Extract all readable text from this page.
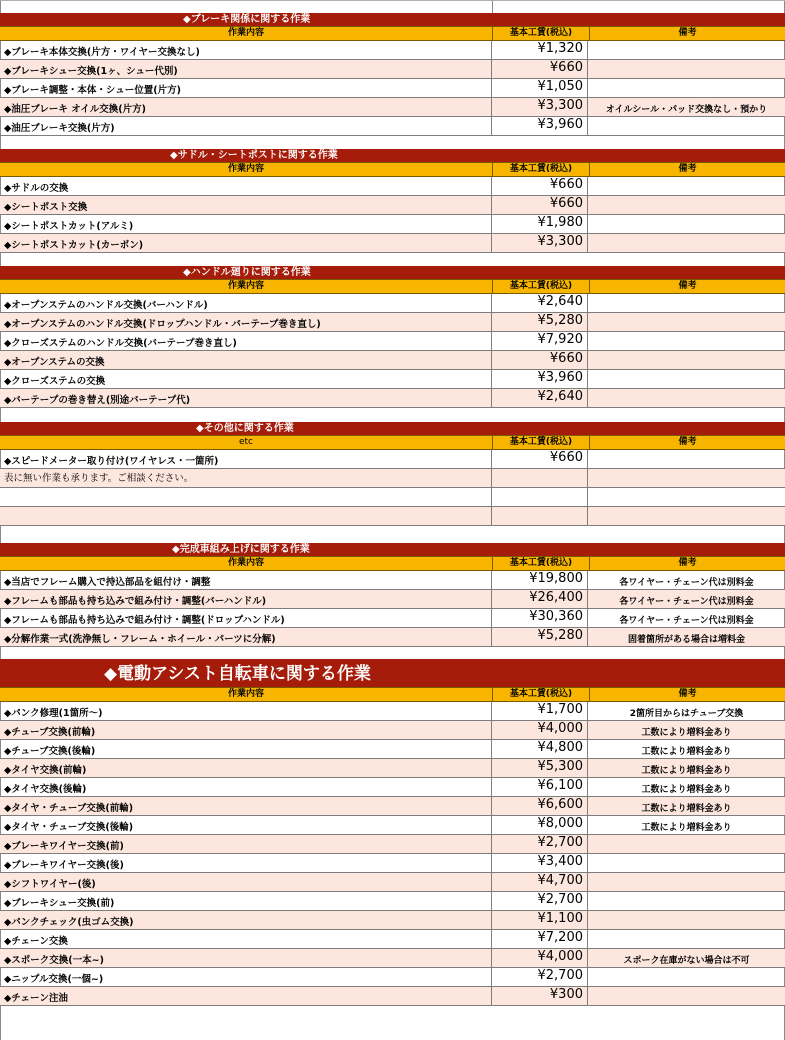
◆ブレーキ関係に関する作業
作業内容	基本工賃(税込)	備考
◆ブレーキ本体交換(片方・ワイヤー交換なし)	¥1,320
◆ブレーキシュー交換(1ヶ、シュー代別)	¥660
◆ブレーキ調整・本体・シュー位置(片方)	¥1,050
◆油圧ブレーキ オイル交換(片方)	¥3,300	オイルシール・パッド交換なし・預かり
◆油圧ブレーキ交換(片方)	¥3,960
◆サドル・シートポストに関する作業
作業内容	基本工賃(税込)	備考
◆サドルの交換	¥660
◆シートポスト交換	¥660
◆シートポストカット(アルミ)	¥1,980
◆シートポストカット(カーボン)	¥3,300
◆ハンドル廻りに関する作業
作業内容	基本工賃(税込)	備考
◆オープンステムのハンドル交換(バーハンドル)	¥2,640
◆オープンステムのハンドル交換(ドロップハンドル・バーテープ巻き直し)	¥5,280
◆クローズステムのハンドル交換(バーテープ巻き直し)	¥7,920
◆オープンステムの交換	¥660
◆クローズステムの交換	¥3,960
◆バーテープの巻き替え(別途バーテープ代)	¥2,640
◆その他に関する作業
etc	基本工賃(税込)	備考
◆スピードメーター取り付け(ワイヤレス・一箇所)	¥660
表に無い作業も承ります。ご相談ください。
◆完成車組み上げに関する作業
作業内容	基本工賃(税込)	備考
◆当店でフレーム購入で持込部品を組付け・調整	¥19,800	各ワイヤー・チェーン代は別料金
◆フレームも部品も持ち込みで組み付け・調整(バーハンドル)	¥26,400	各ワイヤー・チェーン代は別料金
◆フレームも部品も持ち込みで組み付け・調整(ドロップハンドル)	¥30,360	各ワイヤー・チェーン代は別料金
◆分解作業一式(洗浄無し・フレーム・ホイール・パーツに分解)	¥5,280	固着箇所がある場合は増料金
◆電動アシスト自転車に関する作業
作業内容	基本工賃(税込)	備考
◆パンク修理(1箇所～)	¥1,700	2箇所目からはチューブ交換
◆チューブ交換(前輪)	¥4,000	工数により増料金あり
◆チューブ交換(後輪)	¥4,800	工数により増料金あり
◆タイヤ交換(前輪)	¥5,300	工数により増料金あり
◆タイヤ交換(後輪)	¥6,100	工数により増料金あり
◆タイヤ・チューブ交換(前輪)	¥6,600	工数により増料金あり
◆タイヤ・チューブ交換(後輪)	¥8,000	工数により増料金あり
◆ブレーキワイヤー交換(前)	¥2,700
◆ブレーキワイヤー交換(後)	¥3,400
◆シフトワイヤー(後)	¥4,700
◆ブレーキシュー交換(前)	¥2,700
◆パンクチェック(虫ゴム交換)	¥1,100
◆チェーン交換	¥7,200
◆スポーク交換(一本~)	¥4,000	スポーク在庫がない場合は不可
◆ニップル交換(一個~)	¥2,700
◆チェーン注油	¥300
